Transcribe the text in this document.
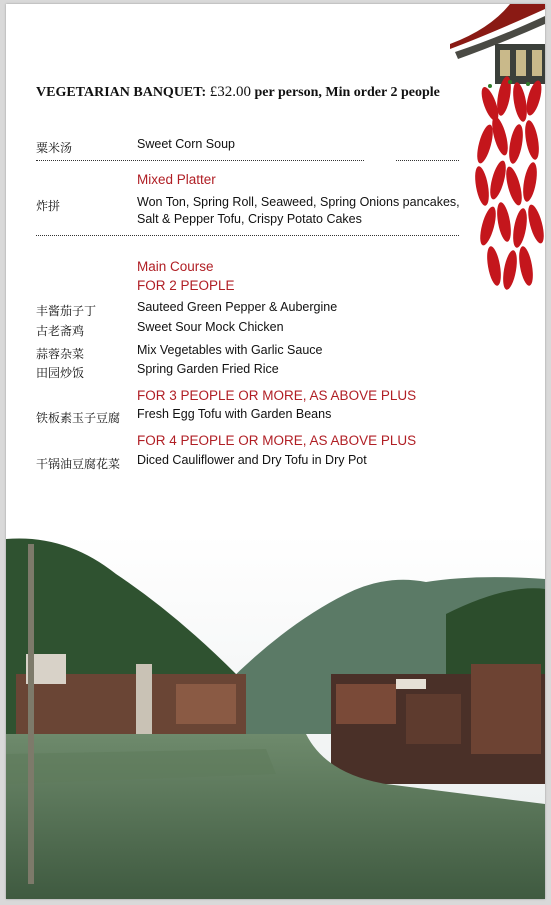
VEGETARIAN BANQUET: £32.00 per person, Min order 2 people
粟米汤	Sweet Corn Soup
Mixed Platter
炸拼	Won Ton, Spring Roll, Seaweed, Spring Onions pancakes,
Salt & Pepper Tofu, Crispy Potato Cakes
Main Course
FOR 2 PEOPLE
丰酱茄子丁	Sauteed Green Pepper & Aubergine
古老斋鸡	Sweet Sour Mock Chicken
蒜蓉杂菜	Mix Vegetables with Garlic Sauce
田园炒饭	Spring Garden Fried Rice
FOR 3 PEOPLE OR MORE, AS ABOVE PLUS
铁板素玉子豆腐 Fresh Egg Tofu with Garden Beans
FOR 4 PEOPLE OR MORE, AS ABOVE PLUS
干锅油豆腐花菜 Diced Cauliflower and Dry Tofu in Dry Pot
